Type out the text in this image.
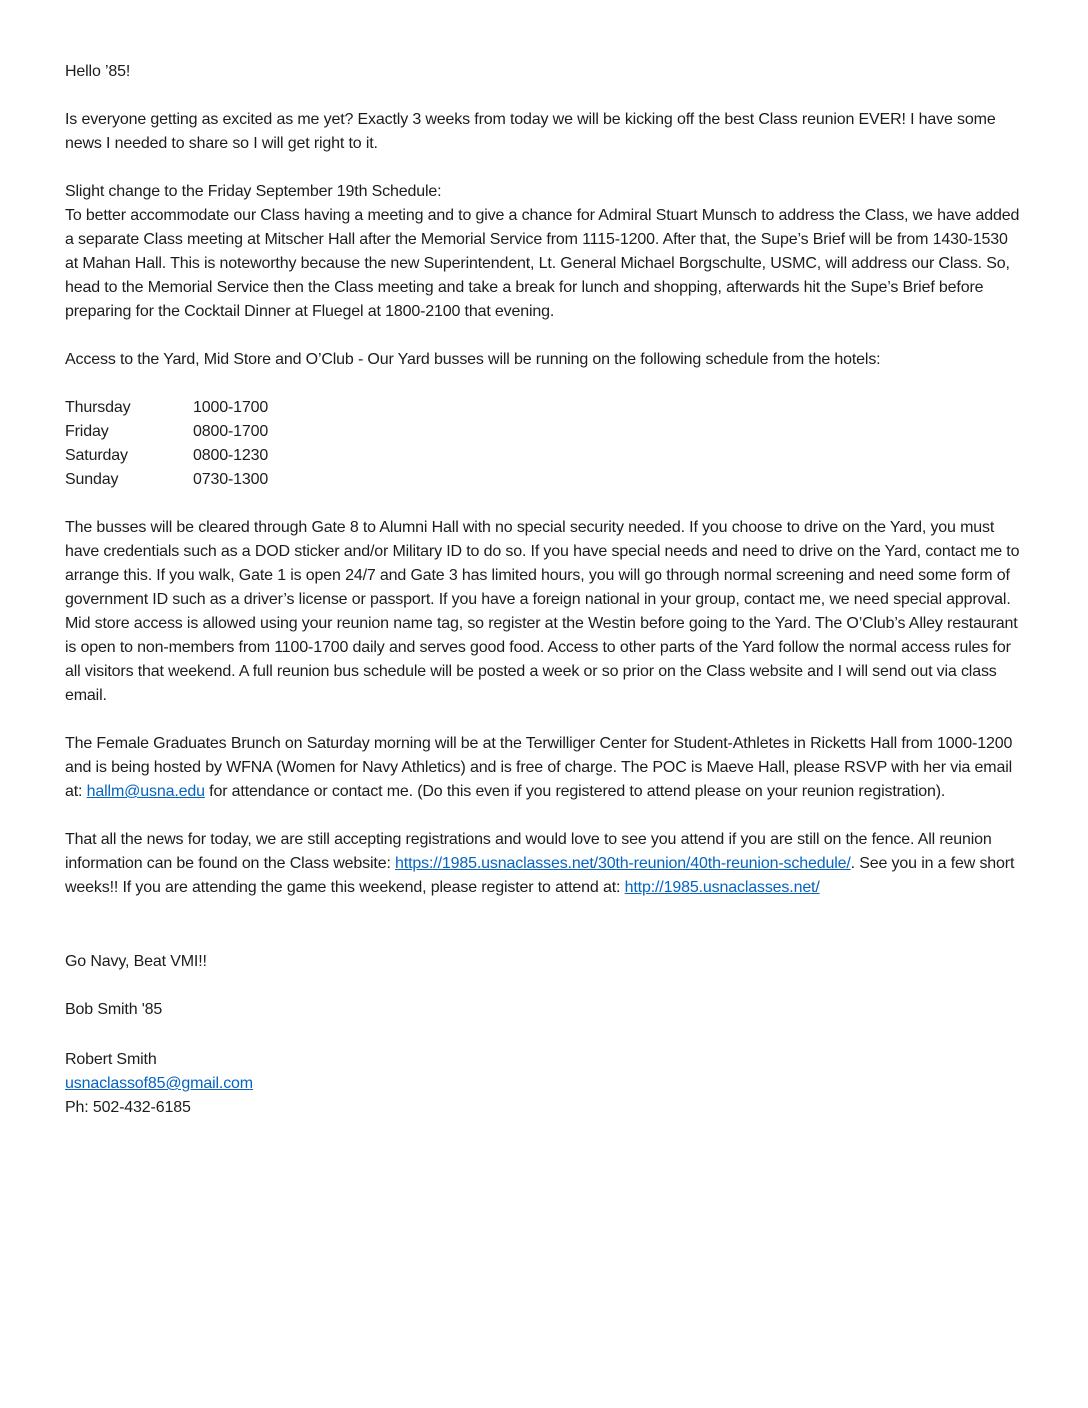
Hello ’85!

Is everyone getting as excited as me yet? Exactly 3 weeks from today we will be kicking off the best Class reunion EVER! I have some news I needed to share so I will get right to it.

Slight change to the Friday September 19th Schedule:
To better accommodate our Class having a meeting and to give a chance for Admiral Stuart Munsch to address the Class, we have added a separate Class meeting at Mitscher Hall after the Memorial Service from 1115-1200. After that, the Supe’s Brief will be from 1430-1530 at Mahan Hall. This is noteworthy because the new Superintendent, Lt. General Michael Borgschulte, USMC, will address our Class. So, head to the Memorial Service then the Class meeting and take a break for lunch and shopping, afterwards hit the Supe’s Brief before preparing for the Cocktail Dinner at Fluegel at 1800-2100 that evening.

Access to the Yard, Mid Store and O’Club - Our Yard busses will be running on the following schedule from the hotels:

Thursday	1000-1700
Friday	0800-1700
Saturday	0800-1230
Sunday	0730-1300

The busses will be cleared through Gate 8 to Alumni Hall with no special security needed. If you choose to drive on the Yard, you must have credentials such as a DOD sticker and/or Military ID to do so. If you have special needs and need to drive on the Yard, contact me to arrange this. If you walk, Gate 1 is open 24/7 and Gate 3 has limited hours, you will go through normal screening and need some form of government ID such as a driver’s license or passport. If you have a foreign national in your group, contact me, we need special approval. Mid store access is allowed using your reunion name tag, so register at the Westin before going to the Yard. The O’Club’s Alley restaurant is open to non-members from 1100-1700 daily and serves good food. Access to other parts of the Yard follow the normal access rules for all visitors that weekend. A full reunion bus schedule will be posted a week or so prior on the Class website and I will send out via class email.

The Female Graduates Brunch on Saturday morning will be at the Terwilliger Center for Student-Athletes in Ricketts Hall from 1000-1200 and is being hosted by WFNA (Women for Navy Athletics) and is free of charge. The POC is Maeve Hall, please RSVP with her via email at: hallm@usna.edu for attendance or contact me. (Do this even if you registered to attend please on your reunion registration).

That all the news for today, we are still accepting registrations and would love to see you attend if you are still on the fence. All reunion information can be found on the Class website: https://1985.usnaclasses.net/30th-reunion/40th-reunion-schedule/. See you in a few short weeks!! If you are attending the game this weekend, please register to attend at: http://1985.usnaclasses.net/

Go Navy, Beat VMI!!

Bob Smith '85

Robert Smith
usnaclassof85@gmail.com
Ph: 502-432-6185
